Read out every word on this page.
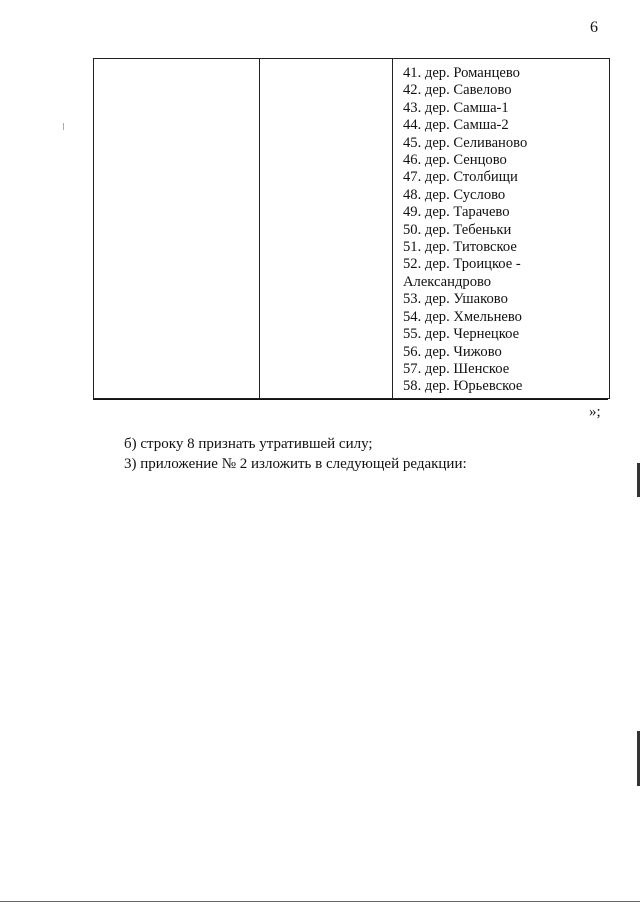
6
41. дер. Романцево
42. дер. Савелово
43. дер. Самша-1
44. дер. Самша-2
45. дер. Селиваново
46. дер. Сенцово
47. дер. Столбищи
48. дер. Суслово
49. дер. Тарачево
50. дер. Тебеньки
51. дер. Титовское
52. дер. Троицкое -
Александрово
53. дер. Ушаково
54. дер. Хмельнево
55. дер. Чернецкое
56. дер. Чижово
57. дер. Шенское
58. дер. Юрьевское
»;
б) строку 8 признать утратившей силу;
3) приложение № 2 изложить в следующей редакции:
